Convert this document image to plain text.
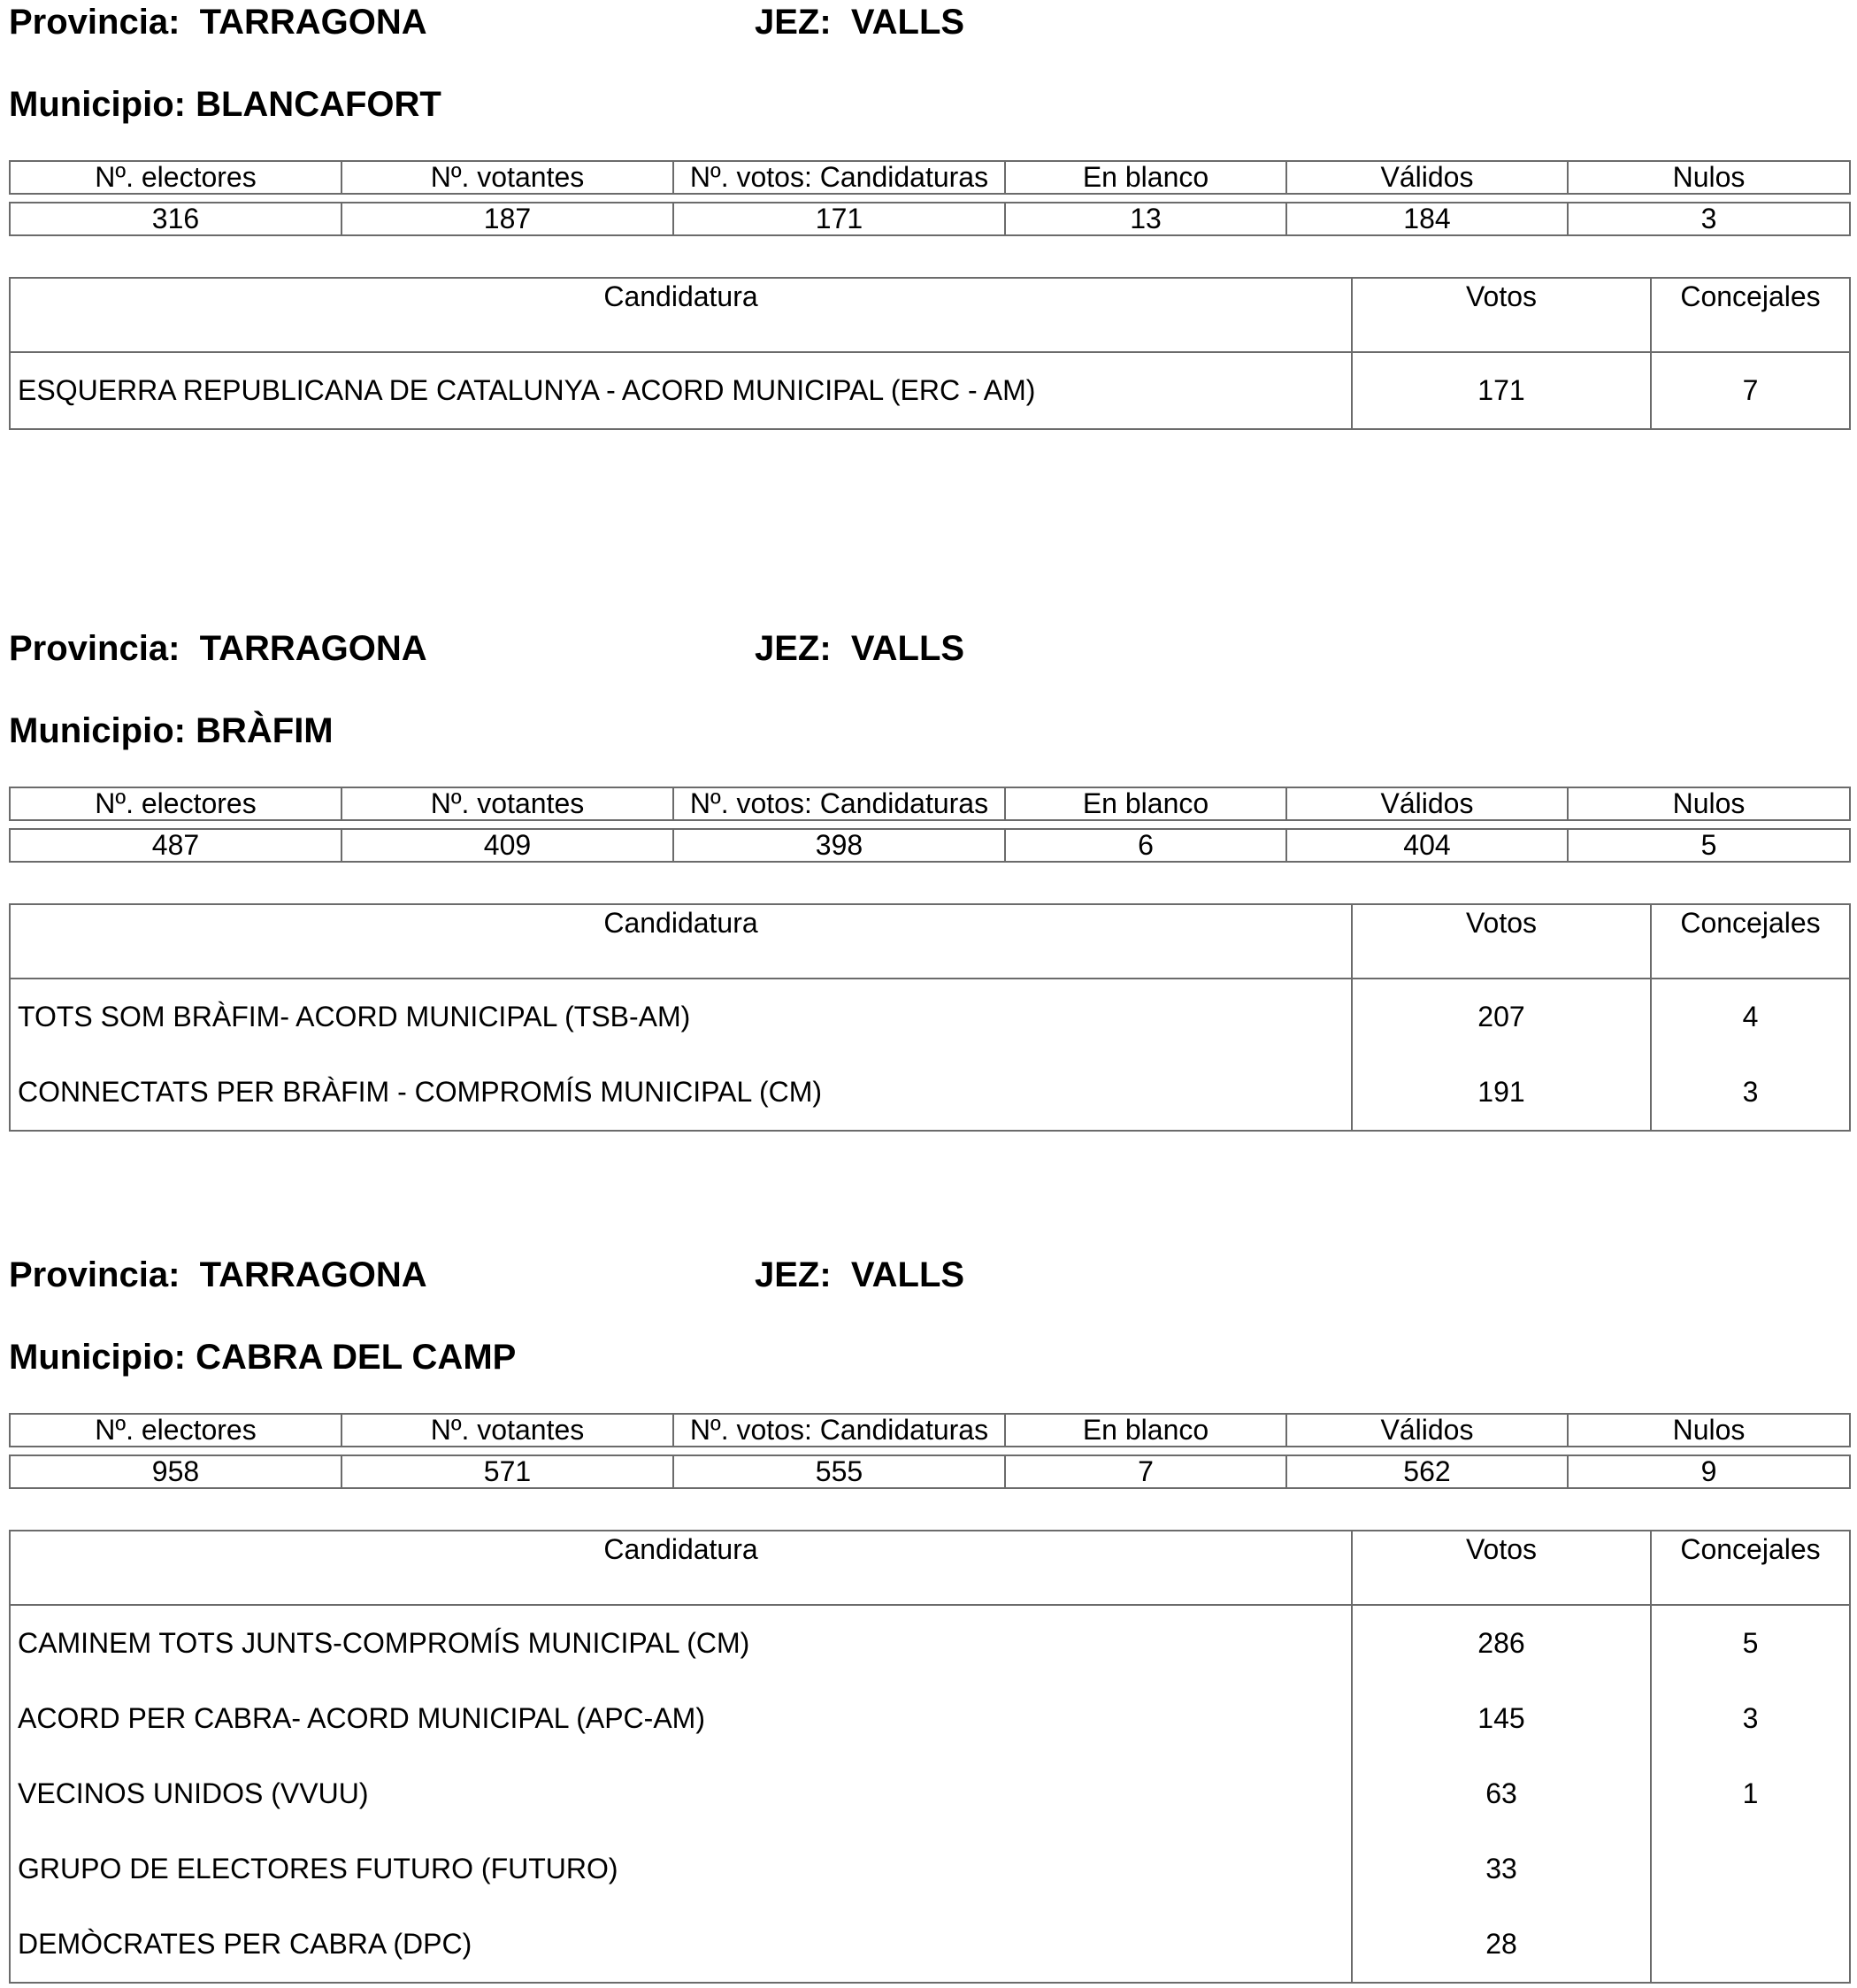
Provincia: TARRAGONA	JEZ: VALLS
Municipio: BLANCAFORT
Nº. electores	Nº. votantes	Nº. votos: Candidaturas	En blanco	Válidos	Nulos

316	187	171	13	184	3
Candidatura	Votos	Concejales
ESQUERRA REPUBLICANA DE CATALUNYA - ACORD MUNICIPAL (ERC - AM)	171	7
Provincia: TARRAGONA	JEZ: VALLS
Municipio: BRÀFIM
Nº. electores	Nº. votantes	Nº. votos: Candidaturas	En blanco	Válidos	Nulos

487	409	398	6	404	5
Candidatura	Votos	Concejales
TOTS SOM BRÀFIM- ACORD MUNICIPAL (TSB-AM)	207	4
CONNECTATS PER BRÀFIM - COMPROMÍS MUNICIPAL (CM)	191	3
Provincia: TARRAGONA	JEZ: VALLS
Municipio: CABRA DEL CAMP
Nº. electores	Nº. votantes	Nº. votos: Candidaturas	En blanco	Válidos	Nulos

958	571	555	7	562	9
Candidatura	Votos	Concejales
CAMINEM TOTS JUNTS-COMPROMÍS MUNICIPAL (CM)	286	5
ACORD PER CABRA- ACORD MUNICIPAL (APC-AM)	145	3
VECINOS UNIDOS (VVUU)	63	1
GRUPO DE ELECTORES FUTURO (FUTURO)	33	
DEMÒCRATES PER CABRA (DPC)	28	
